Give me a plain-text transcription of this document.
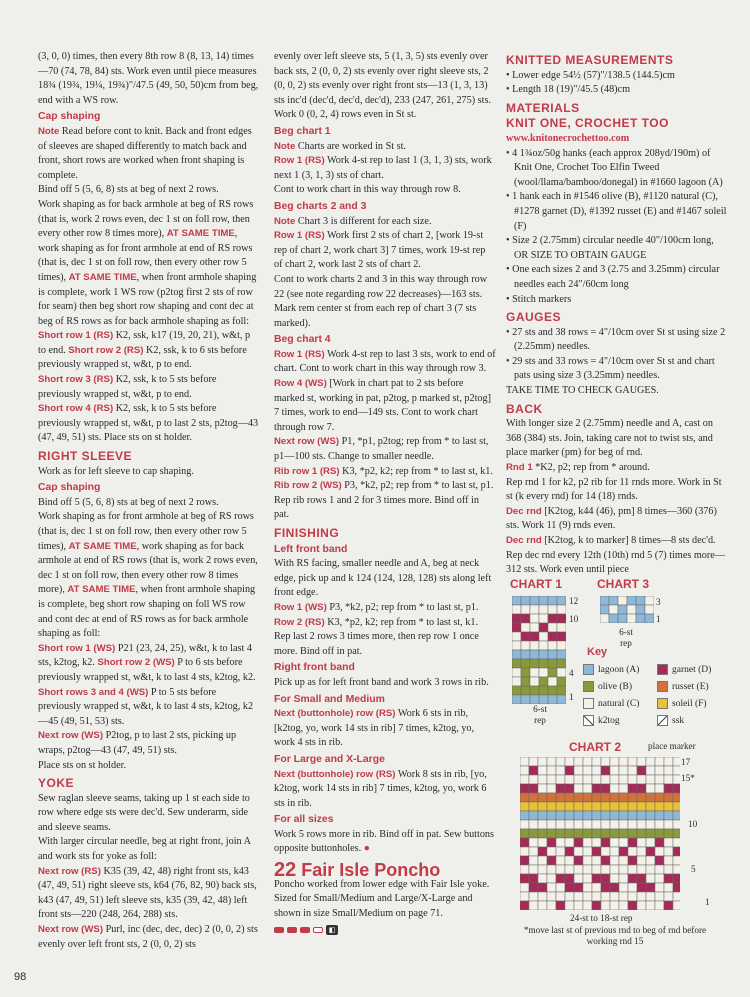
(3, 0, 0) times, then every 8th row 8 (8, 13, 14) times—70 (74, 78, 84) sts. Work even until piece measures 18¾ (19¾, 19¼, 19¾)"/47.5 (49, 50, 50)cm from beg, end with a WS row.

Cap shaping

Note Read before cont to knit. Back and front edges of sleeves are shaped differently to match back and front, short rows are worked when front shaping is complete.

Bind off 5 (5, 6, 8) sts at beg of next 2 rows.

Work shaping as for back armhole at beg of RS rows (that is, work 2 rows even, dec 1 st on foll row, then every other row 8 times more), AT SAME TIME, work shaping as for front armhole at end of RS rows (that is, dec 1 st on foll row, then every other row 5 times), AT SAME TIME, when front armhole shaping is complete, work 1 WS row (p2tog first 2 sts of row for seam) then beg short row shaping and cont dec at beg of RS rows as for back armhole shaping as foll:

Short row 1 (RS) K2, ssk, k17 (19, 20, 21), w&t, p to end. Short row 2 (RS) K2, ssk, k to 6 sts before previously wrapped st, w&t, p to end.

Short row 3 (RS) K2, ssk, k to 5 sts before previously wrapped st, w&t, p to end.

Short row 4 (RS) K2, ssk, k to 5 sts before previously wrapped st, w&t, p to last 2 sts, p2tog—43 (47, 49, 51) sts. Place sts on st holder.

RIGHT SLEEVE

Work as for left sleeve to cap shaping.

Cap shaping

Bind off 5 (5, 6, 8) sts at beg of next 2 rows.

Work shaping as for front armhole at beg of RS rows (that is, dec 1 st on foll row, then every other row 5 times), AT SAME TIME, work shaping as for back armhole at end of RS rows (that is, work 2 rows even, dec 1 st on foll row, then every other row 8 times more), AT SAME TIME, when front armhole shaping is complete, beg short row shaping on foll WS row and cont dec at end of RS rows as for back armhole shaping as foll:

Short row 1 (WS) P21 (23, 24, 25), w&t, k to last 4 sts, k2tog, k2. Short row 2 (WS) P to 6 sts before previously wrapped st, w&t, k to last 4 sts, k2tog, k2. Short rows 3 and 4 (WS) P to 5 sts before previously wrapped st, w&t, k to last 4 sts, k2tog, k2—45 (49, 51, 53) sts.

Next row (WS) P2tog, p to last 2 sts, picking up wraps, p2tog—43 (47, 49, 51) sts.

Place sts on st holder.

YOKE

Sew raglan sleeve seams, taking up 1 st each side to row where edge sts were dec'd. Sew underarm, side and sleeve seams.

With larger circular needle, beg at right front, join A and work sts for yoke as foll:

Next row (RS) K35 (39, 42, 48) right front sts, k43 (47, 49, 51) right sleeve sts, k64 (76, 82, 90) back sts, k43 (47, 49, 51) left sleeve sts, k35 (39, 42, 48) left front sts—220 (248, 264, 288) sts.

Next row (WS) Purl, inc (dec, dec, dec) 2 (0, 0, 2) sts evenly over left front sts, 2 (0, 0, 2) sts

evenly over left sleeve sts, 5 (1, 3, 5) sts evenly over back sts, 2 (0, 0, 2) sts evenly over right sleeve sts, 2 (0, 0, 2) sts evenly over right front sts—13 (1, 3, 13) sts inc'd (dec'd, dec'd, dec'd), 233 (247, 261, 275) sts.

Work 0 (0, 2, 4) rows even in St st.

Beg chart 1

Note Charts are worked in St st.

Row 1 (RS) Work 4-st rep to last 1 (3, 1, 3) sts, work next 1 (3, 1, 3) sts of chart.

Cont to work chart in this way through row 8.

Beg charts 2 and 3

Note Chart 3 is different for each size.

Row 1 (RS) Work first 2 sts of chart 2, [work 19-st rep of chart 2, work chart 3] 7 times, work 19-st rep of chart 2, work last 2 sts of chart 2.

Cont to work charts 2 and 3 in this way through row 22 (see note regarding row 22 decreases)—163 sts. Mark rem center st from each rep of chart 3 (7 sts marked).

Beg chart 4

Row 1 (RS) Work 4-st rep to last 3 sts, work to end of chart. Cont to work chart in this way through row 3. Row 4 (WS) [Work in chart pat to 2 sts before marked st, working in pat, p2tog, p marked st, p2tog] 7 times, work to end—149 sts. Cont to work chart through row 7.

Next row (WS) P1, *p1, p2tog; rep from * to last st, p1—100 sts. Change to smaller needle.

Rib row 1 (RS) K3, *p2, k2; rep from * to last st, k1. Rib row 2 (WS) P3, *k2, p2; rep from * to last st, p1. Rep rib rows 1 and 2 for 3 times more. Bind off in pat.

FINISHING

Left front band

With RS facing, smaller needle and A, beg at neck edge, pick up and k 124 (124, 128, 128) sts along left front edge.

Row 1 (WS) P3, *k2, p2; rep from * to last st, p1.

Row 2 (RS) K3, *p2, k2; rep from * to last st, k1.

Rep last 2 rows 3 times more, then rep row 1 once more. Bind off in pat.

Right front band

Pick up as for left front band and work 3 rows in rib.

For Small and Medium

Next (buttonhole) row (RS) Work 6 sts in rib, [k2tog, yo, work 14 sts in rib] 7 times, k2tog, yo, work 4 sts in rib.

For Large and X-Large

Next (buttonhole) row (RS) Work 8 sts in rib, [yo, k2tog, work 14 sts in rib] 7 times, k2tog, yo, work 6 sts in rib.

For all sizes

Work 5 rows more in rib. Bind off in pat. Sew buttons opposite buttonholes. ●

22 Fair Isle Poncho

Poncho worked from lower edge with Fair Isle yoke. Sized for Small/Medium and Large/X-Large and shown in size Small/Medium on page 71.

◧

KNITTED MEASUREMENTS

• Lower edge 54½ (57)"/138.5 (144.5)cm

• Length 18 (19)"/45.5 (48)cm

MATERIALS

KNIT ONE, CROCHET TOO

www.knitonecrochettoo.com

• 4 1¾oz/50g hanks (each approx 208yd/190m) of Knit One, Crochet Too Elfin Tweed (wool/llama/bamboo/donegal) in #1660 lagoon (A)

• 1 hank each in #1546 olive (B), #1120 natural (C), #1278 garnet (D), #1392 russet (E) and #1467 soleil (F)

• Size 2 (2.75mm) circular needle 40"/100cm long, OR SIZE TO OBTAIN GAUGE

• One each sizes 2 and 3 (2.75 and 3.25mm) circular needles each 24"/60cm long

• Stitch markers

GAUGES

• 27 sts and 38 rows = 4"/10cm over St st using size 2 (2.25mm) needles.

• 29 sts and 33 rows = 4"/10cm over St st and chart pats using size 3 (3.25mm) needles.

TAKE TIME TO CHECK GAUGES.

BACK

With longer size 2 (2.75mm) needle and A, cast on 368 (384) sts. Join, taking care not to twist sts, and place marker (pm) for beg of rnd.

Rnd 1 *K2, p2; rep from * around.

Rep rnd 1 for k2, p2 rib for 11 rnds more. Work in St st (k every rnd) for 14 (18) rnds.

Dec rnd [K2tog, k44 (46), pm] 8 times—360 (376) sts. Work 11 (9) rnds even.

Dec rnd [K2tog, k to marker] 8 times—8 sts dec'd. Rep dec rnd every 12th (10th) rnd 5 (7) times more—312 sts. Work even until piece

CHART 1	CHART 3
12
10
4
1
6-st rep
3
1
6-st rep
Key
lagoon (A)	garnet (D)
olive (B)	russet (E)
natural (C)	soleil (F)
k2tog	ssk
CHART 2	place marker
17
15*
10
5
1
24-st to 18-st rep
*move last st of previous rnd to beg of rnd before working rnd 15
98
